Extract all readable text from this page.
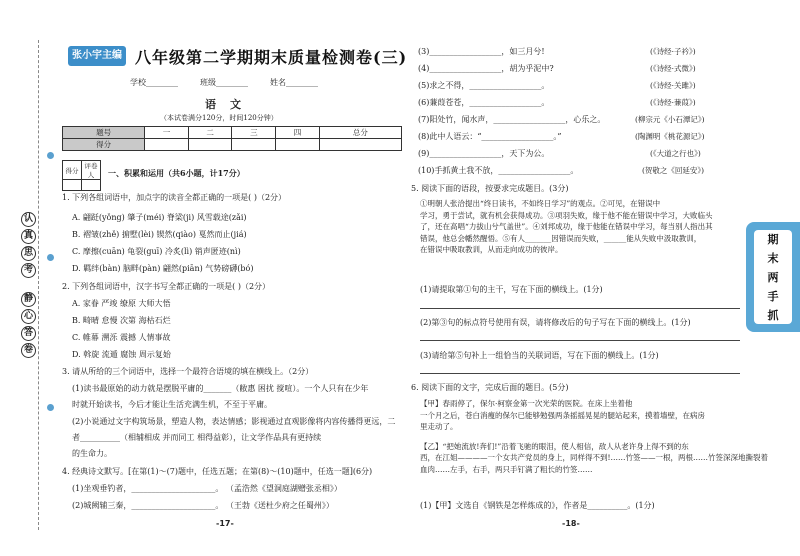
认
真
思
考
静
心
答
卷
张小宇主编 八年级第二学期期末质量检测卷(三)
学校________	班级________	姓名________
语文
（本试卷满分120分，时间120分钟）
题号	一	二	三	四	总分
得分					
得分	评卷人
	一、积累和运用（共6小题，计17分）
1. 下列各组词语中，加点字的读音全都正确的一项是( )（2分）
A. 翩跹(yǒng) 肇子(méi) 脊梁(ji) 风雪载途(zǎi)
B. 褶皱(zhě) 掮墅(lèi) 锲然(qiào) 戛然而止(jiá)
C. 摩擦(cuān) 龟裂(guī) 冷炙(lì) 销声匿迹(nì)
D. 羁绊(bàn) 脑畔(pàn) 翩然(piān) 气势磅礴(bó)
2. 下列各组词语中，汉字书写全都正确的一项是( )（2分）
A. 家眷 严竣 缭原 大师大悟
B. 畸晴 怠慢 次第 海枯石烂
C. 帷幕 溯泺 震撼 人情事故
D. 斡旋 流遁 腐蚀 周示复始
3. 请从所给的三个词语中，选择一个最符合语境的填在横线上。（2分）
(1)读书最原始的动力就是摆脱平庸的_______（敝惠 困扰 搅喧）。一个人只有在少年
时就开始读书，今后才能让生活充满生机，不至于平庸。
(2)小说通过文字构筑场景，塑造人物，表达情感；影视通过直观影像将内容传播得更远，二
者__________（相辅相成 并而同工 相得益彰），让文学作品具有更持续
的生命力。
4. 经典诗文默写。[在第(1)～(7)题中，任选五题；在第(8)～(10)题中，任选一题](6分)
(1)坐观垂钓者，_____________________。 （孟浩然《望洞庭湖赠张丞相》）
(2)城阙辅三秦，_____________________。 （王勃《送杜少府之任蜀州》）
-17-
(3)__________________，如三月兮!	(《诗经·子衿》)
(4)__________________，胡为乎泥中?	(《诗经·式微》)
(5)求之不得，__________________。	(《诗经·关雎》)
(6)蒹葭苍苍，__________________。	(《诗经·蒹葭》)
(7)阳处竹，闻水声，__________________，心乐之。	(柳宗元《小石潭记》)
(8)此中人语云：“__________________。”	(陶渊明《桃花源记》)
(9)__________________，天下为公。	(《大道之行也》)
(10)手抓黄土我不放，__________________。	(贺敬之《回延安》)
5. 阅读下面的语段，按要求完成题目。(3分)
①明朝人张洽提出“终日读书，不如终日学习”的观点。②可见，在错误中
学习，勇于尝试，就有机会获得成功。③项羽失败，缘于他不能在错误中学习，大败临头
了，还在高唱“力拔山兮气盖世”。④刘邦成功，缘于他能在错误中学习，每当别人指出其
错误，他总会幡然醒悟。⑤有人_______因错误而失败，______能从失败中汲取教训，
在错误中吸取教训，从而走向成功的彼岸。
(1)请提取第①句的主干，写在下面的横线上。(1分)
(2)第③句的标点符号使用有误，请将修改后的句子写在下面的横线上。(1分)
(3)请给第⑤句补上一组恰当的关联词语，写在下面的横线上。(1分)
6. 阅读下面的文字，完成后面的题目。(5分)
【甲】春雨停了，保尔·柯察金第一次光荣的医院。在床上坐着他
一个月之后，苍白消瘦的保尔已能够勉强两条摇摇晃晃的腿站起来，摸着墙壁，在病房
里走动了。
【乙】“把她流放!奔们!”沿着飞驰的眼泪，使人相信，敌人从老许身上得不到的东
西，在江姐————一个女共产党员的身上，同样得不到!……竹签——一根，两根……竹签深深地撕裂着
血肉……左手，右手，两只手钉满了粗长的竹签……
(1)【甲】文选自《钢铁是怎样炼成的》，作者是__________。(1分)
-18-
期
末
两
手
抓
